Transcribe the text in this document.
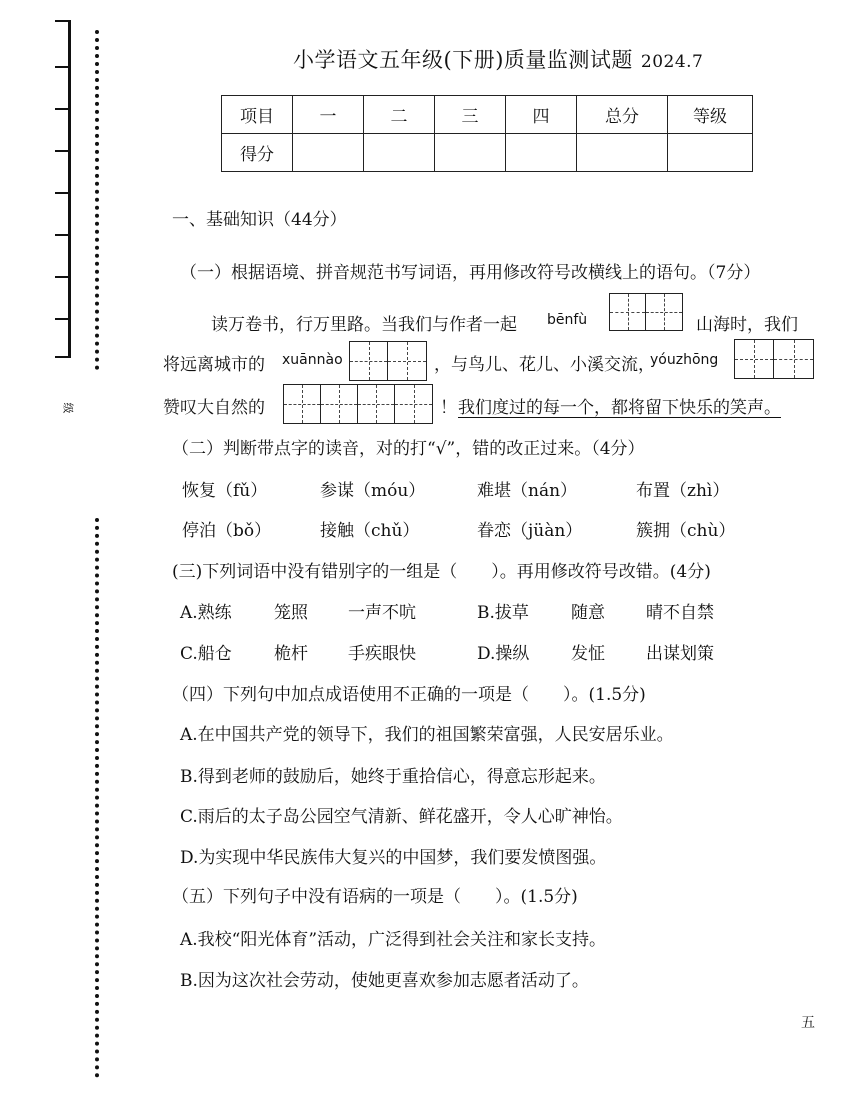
级
小学语文五年级(下册)质量监测试题 2024.7
项目	一	二	三	四	总分	等级
得分						
一、基础知识（44分）
（一）根据语境、拼音规范书写词语，再用修改符号改横线上的语句。（7分）
读万卷书，行万里路。当我们与作者一起 bēnfù	山海时，我们
将远离城市的 xuānnào	，与鸟儿、花儿、小溪交流，
yóuzhōng
赞叹大自然的	！ 我们度过的每一个，都将留下快乐的笑声。
（二）判断带点字的读音，对的打“√”，错的改正过来。（4分）
恢复（fǔ）	参谋（móu）	难堪（nán）	布置（zhì）
停泊（bǒ）	接触（chǔ）	眷恋（jüàn）	簇拥（chù）
(三)下列词语中没有错别字的一组是（　　）。再用修改符号改错。(4分)
A.熟练 笼照 一声不吭	B.拔草 随意 晴不自禁
C.船仓 桅杆 手疾眼快	D.操纵 发怔 出谋划策
（四）下列句中加点成语使用不正确的一项是（　　）。(1.5分)
A.在中国共产党的领导下，我们的祖国繁荣富强，人民安居乐业。
B.得到老师的鼓励后，她终于重拾信心，得意忘形起来。
C.雨后的太子岛公园空气清新、鲜花盛开，令人心旷神怡。
D.为实现中华民族伟大复兴的中国梦，我们要发愤图强。
（五）下列句子中没有语病的一项是（　　）。(1.5分)
A.我校“阳光体育”活动，广泛得到社会关注和家长支持。
B.因为这次社会劳动，使她更喜欢参加志愿者活动了。
五
